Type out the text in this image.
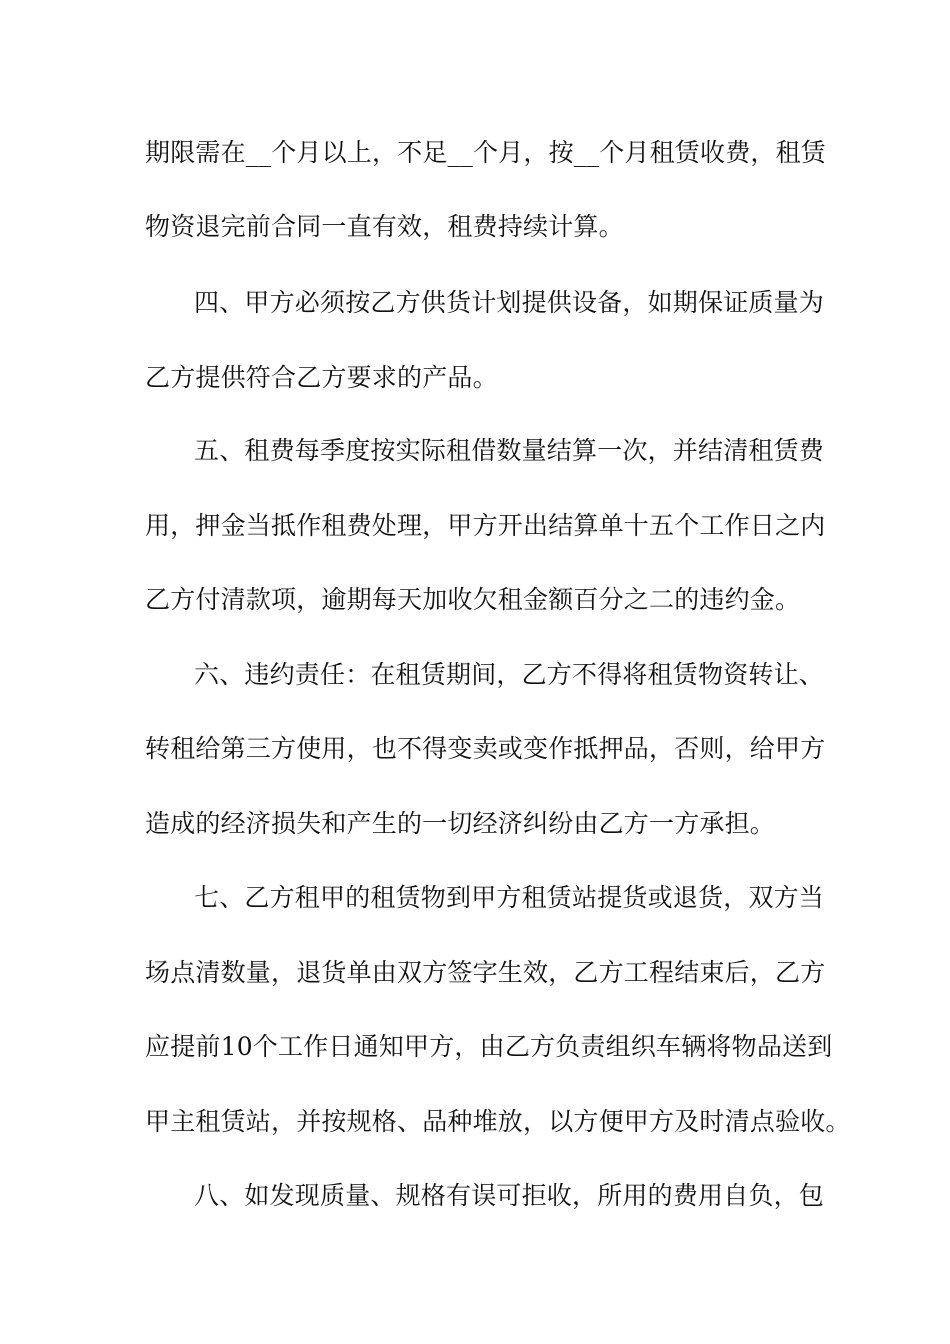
期限需在__个月以上，不足__个月，按__个月租赁收费，租赁
物资退完前合同一直有效，租费持续计算。
四、甲方必须按乙方供货计划提供设备，如期保证质量为
乙方提供符合乙方要求的产品。
五、租费每季度按实际租借数量结算一次，并结清租赁费
用，押金当抵作租费处理，甲方开出结算单十五个工作日之内
乙方付清款项，逾期每天加收欠租金额百分之二的违约金。
六、违约责任：在租赁期间，乙方不得将租赁物资转让、
转租给第三方使用，也不得变卖或变作抵押品，否则，给甲方
造成的经济损失和产生的一切经济纠纷由乙方一方承担。
七、乙方租甲的租赁物到甲方租赁站提货或退货，双方当
场点清数量，退货单由双方签字生效，乙方工程结束后，乙方
应提前10个工作日通知甲方，由乙方负责组织车辆将物品送到
甲主租赁站，并按规格、品种堆放，以方便甲方及时清点验收。
八、如发现质量、规格有误可拒收，所用的费用自负，包
